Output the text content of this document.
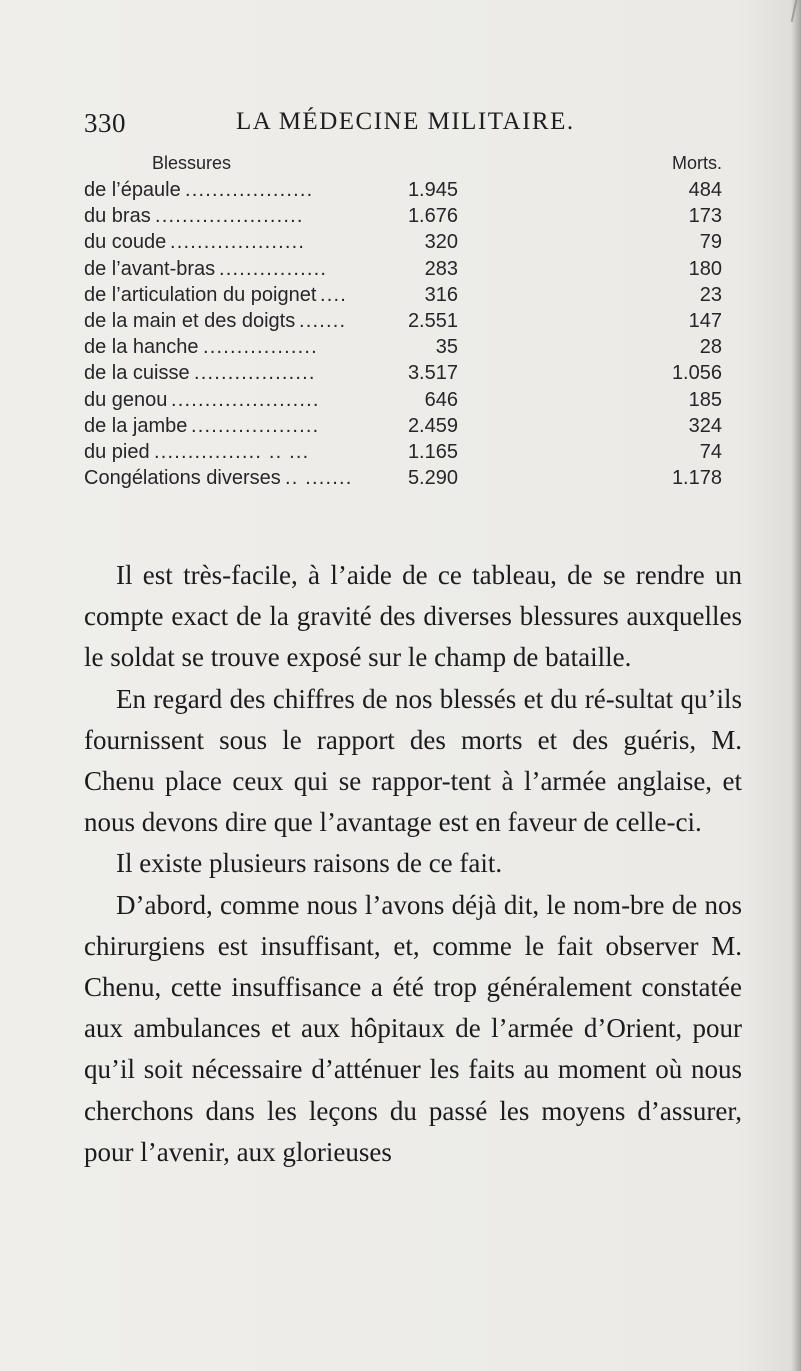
330	LA MÉDECINE MILITAIRE.
Blessures	Morts.
de l’épaule ...................	1.945	484
du bras ......................	1.676	173
du coude ....................	320	79
de l’avant-bras ................	283	180
de l’articulation du poignet ....	316	23
de la main et des doigts .......	2.551	147
de la hanche .................	35	28
de la cuisse ..................	3.517	1.056
du genou ......................	646	185
de la jambe ...................	2.459	324
du pied ................ .. ...	1.165	74
Congélations diverses .. .......	5.290	1.178

Il est très-facile, à l’aide de ce tableau, de se rendre un compte exact de la gravité des diverses blessures auxquelles le soldat se trouve exposé sur le champ de bataille.

En regard des chiffres de nos blessés et du ré-sultat qu’ils fournissent sous le rapport des morts et des guéris, M. Chenu place ceux qui se rappor-tent à l’armée anglaise, et nous devons dire que l’avantage est en faveur de celle-ci.

Il existe plusieurs raisons de ce fait.

D’abord, comme nous l’avons déjà dit, le nom-bre de nos chirurgiens est insuffisant, et, comme le fait observer M. Chenu, cette insuffisance a été trop généralement constatée aux ambulances et aux hôpitaux de l’armée d’Orient, pour qu’il soit nécessaire d’atténuer les faits au moment où nous cherchons dans les leçons du passé les moyens d’assurer, pour l’avenir, aux glorieuses
